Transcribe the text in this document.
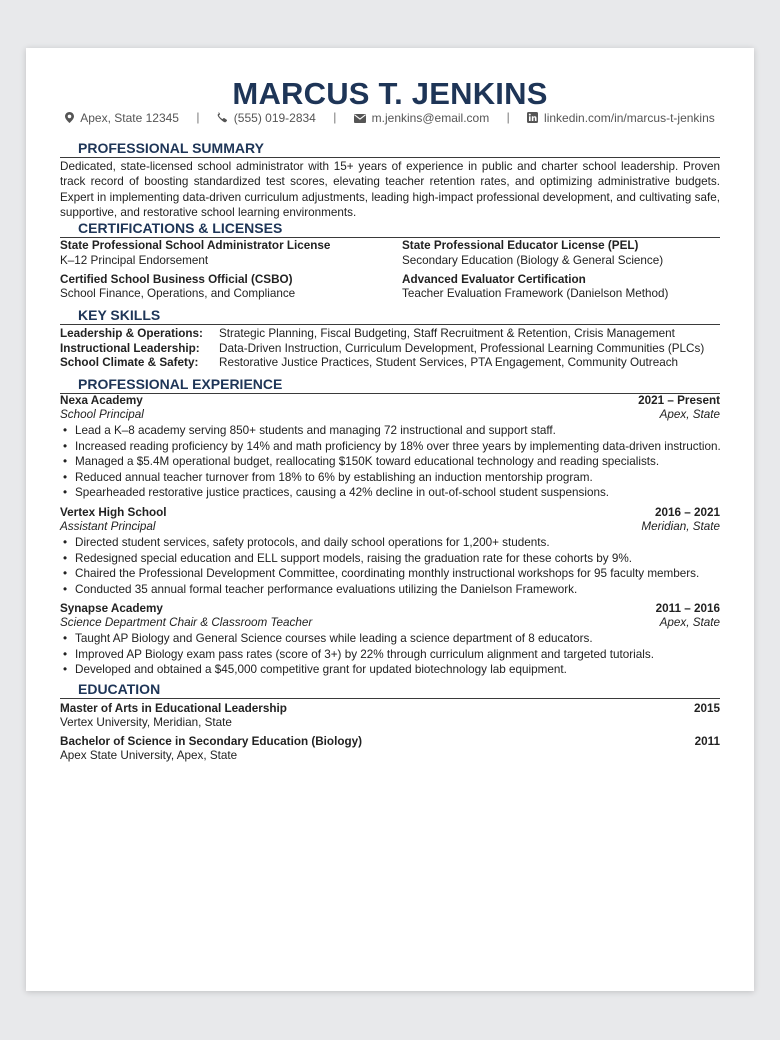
MARCUS T. JENKINS
Apex, State 12345 |	(555) 019-2834 |	m.jenkins@email.com |	linkedin.com/in/marcus-t-jenkins
PROFESSIONAL SUMMARY
Dedicated, state-licensed school administrator with 15+ years of experience in public and charter school leadership. Proven track record of boosting standardized test scores, elevating teacher retention rates, and optimizing administrative budgets. Expert in implementing data-driven curriculum adjustments, leading high-impact professional development, and cultivating safe, supportive, and restorative school learning environments.
CERTIFICATIONS & LICENSES
State Professional School Administrator License
K–12 Principal Endorsement
State Professional Educator License (PEL)
Secondary Education (Biology & General Science)
Certified School Business Official (CSBO)
School Finance, Operations, and Compliance
Advanced Evaluator Certification
Teacher Evaluation Framework (Danielson Method)
KEY SKILLS
Leadership & Operations: Strategic Planning, Fiscal Budgeting, Staff Recruitment & Retention, Crisis Management
Instructional Leadership: Data-Driven Instruction, Curriculum Development, Professional Learning Communities (PLCs)
School Climate & Safety: Restorative Justice Practices, Student Services, PTA Engagement, Community Outreach
PROFESSIONAL EXPERIENCE
Nexa Academy	2021 – Present
School Principal	Apex, State
• Lead a K–8 academy serving 850+ students and managing 72 instructional and support staff.
• Increased reading proficiency by 14% and math proficiency by 18% over three years by implementing data-driven instruction.
• Managed a $5.4M operational budget, reallocating $150K toward educational technology and reading specialists.
• Reduced annual teacher turnover from 18% to 6% by establishing an induction mentorship program.
• Spearheaded restorative justice practices, causing a 42% decline in out-of-school student suspensions.
Vertex High School	2016 – 2021
Assistant Principal	Meridian, State
• Directed student services, safety protocols, and daily school operations for 1,200+ students.
• Redesigned special education and ELL support models, raising the graduation rate for these cohorts by 9%.
• Chaired the Professional Development Committee, coordinating monthly instructional workshops for 95 faculty members.
• Conducted 35 annual formal teacher performance evaluations utilizing the Danielson Framework.
Synapse Academy	2011 – 2016
Science Department Chair & Classroom Teacher	Apex, State
• Taught AP Biology and General Science courses while leading a science department of 8 educators.
• Improved AP Biology exam pass rates (score of 3+) by 22% through curriculum alignment and targeted tutorials.
• Developed and obtained a $45,000 competitive grant for updated biotechnology lab equipment.
EDUCATION
Master of Arts in Educational Leadership	2015
Vertex University, Meridian, State
Bachelor of Science in Secondary Education (Biology)	2011
Apex State University, Apex, State
